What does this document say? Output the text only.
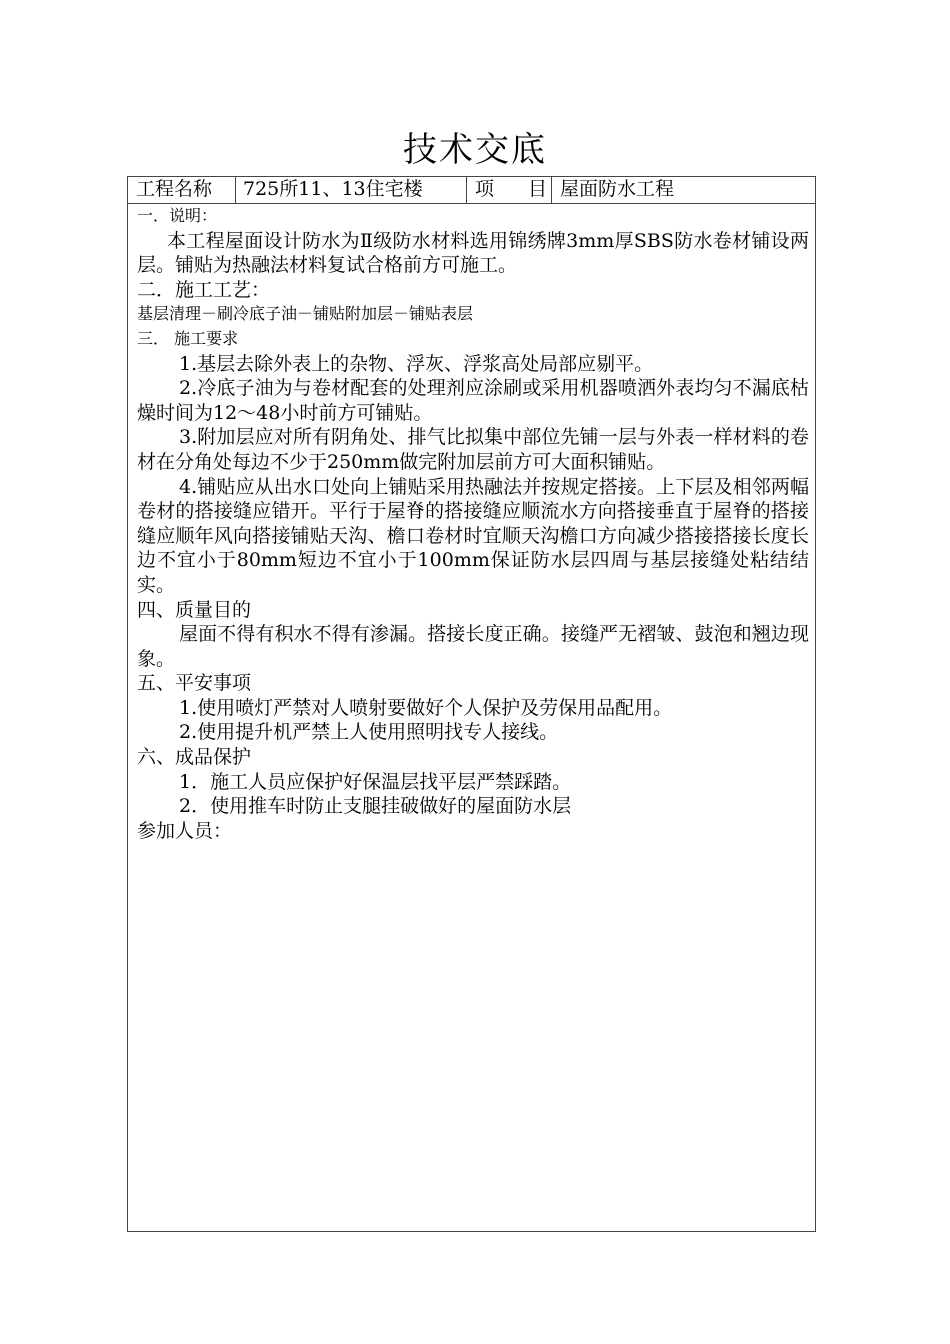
技术交底
工程名称	725所11、13住宅楼	项 目
屋面防水工程

一．说明：

本工程屋面设计防水为Ⅱ级防水材料选用锦绣牌3mm厚SBS防水卷材铺设两层。铺贴为热融法材料复试合格前方可施工。

二．施工工艺：

基层清理－刷冷底子油－铺贴附加层－铺贴表层

三． 施工要求

1.基层去除外表上的杂物、浮灰、浮浆高处局部应剔平。

2.冷底子油为与卷材配套的处理剂应涂刷或采用机器喷洒外表均匀不漏底枯燥时间为12～48小时前方可铺贴。

3.附加层应对所有阴角处、排气比拟集中部位先铺一层与外表一样材料的卷材在分角处每边不少于250mm做完附加层前方可大面积铺贴。

4.铺贴应从出水口处向上铺贴采用热融法并按规定搭接。上下层及相邻两幅卷材的搭接缝应错开。平行于屋脊的搭接缝应顺流水方向搭接垂直于屋脊的搭接缝应顺年风向搭接铺贴天沟、檐口卷材时宜顺天沟檐口方向减少搭接搭接长度长边不宜小于80mm短边不宜小于100mm保证防水层四周与基层接缝处粘结结实。

四、质量目的

屋面不得有积水不得有渗漏。搭接长度正确。接缝严无褶皱、鼓泡和翘边现象。

五、平安事项

1.使用喷灯严禁对人喷射要做好个人保护及劳保用品配用。

2.使用提升机严禁上人使用照明找专人接线。

六、成品保护

1．施工人员应保护好保温层找平层严禁踩踏。

2．使用推车时防止支腿挂破做好的屋面防水层

参加人员：
